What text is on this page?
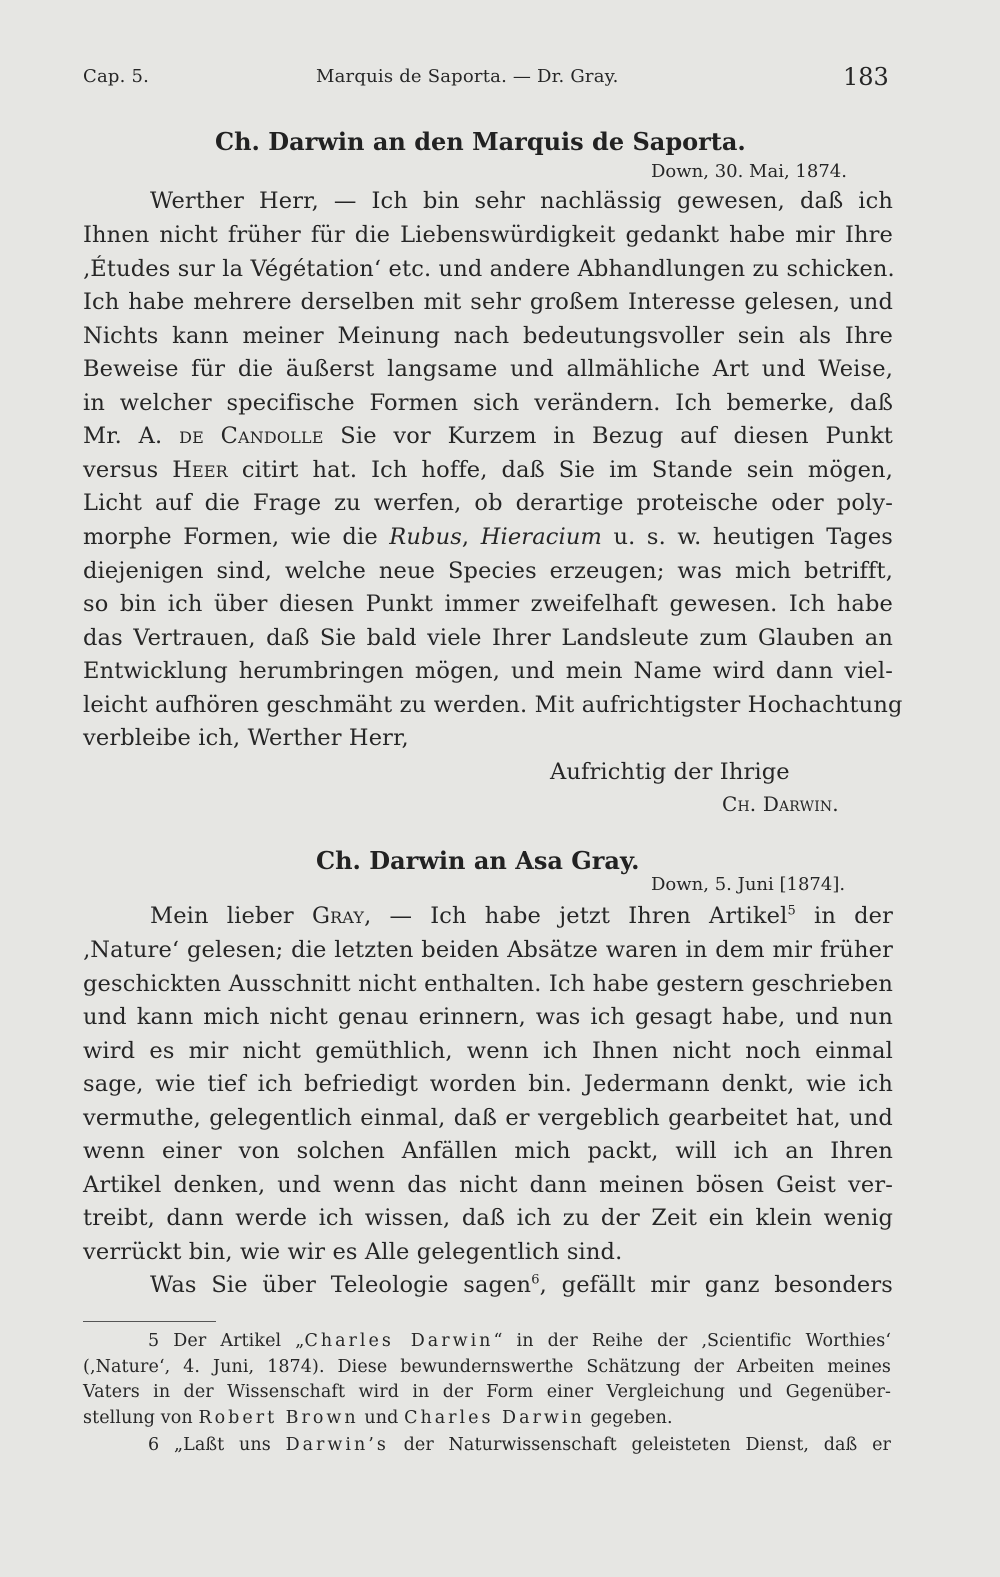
Cap. 5.	Marquis de Saporta. — Dr. Gray.	183
Ch. Darwin an den Marquis de Saporta.
Down, 30. Mai, 1874.
Werther Herr, — Ich bin sehr nachlässig gewesen, daß ich
Ihnen nicht früher für die Liebenswürdigkeit gedankt habe mir Ihre
‚Études sur la Végétation‘ etc. und andere Abhandlungen zu schicken.
Ich habe mehrere derselben mit sehr großem Interesse gelesen, und
Nichts kann meiner Meinung nach bedeutungsvoller sein als Ihre
Beweise für die äußerst langsame und allmähliche Art und Weise,
in welcher specifische Formen sich verändern. Ich bemerke, daß
Mr. A. de Candolle Sie vor Kurzem in Bezug auf diesen Punkt
versus Heer citirt hat. Ich hoffe, daß Sie im Stande sein mögen,
Licht auf die Frage zu werfen, ob derartige proteische oder poly-
morphe Formen, wie die Rubus, Hieracium u. s. w. heutigen Tages
diejenigen sind, welche neue Species erzeugen; was mich betrifft,
so bin ich über diesen Punkt immer zweifelhaft gewesen. Ich habe
das Vertrauen, daß Sie bald viele Ihrer Landsleute zum Glauben an
Entwicklung herumbringen mögen, und mein Name wird dann viel-
leicht aufhören geschmäht zu werden. Mit aufrichtigster Hochachtung
verbleibe ich, Werther Herr,
Aufrichtig der Ihrige
Ch. Darwin.
Ch. Darwin an Asa Gray.
Down, 5. Juni [1874].
Mein lieber Gray, — Ich habe jetzt Ihren Artikel$^5$ in der
‚Nature‘ gelesen; die letzten beiden Absätze waren in dem mir früher
geschickten Ausschnitt nicht enthalten. Ich habe gestern geschrieben
und kann mich nicht genau erinnern, was ich gesagt habe, und nun
wird es mir nicht gemüthlich, wenn ich Ihnen nicht noch einmal
sage, wie tief ich befriedigt worden bin. Jedermann denkt, wie ich
vermuthe, gelegentlich einmal, daß er vergeblich gearbeitet hat, und
wenn einer von solchen Anfällen mich packt, will ich an Ihren
Artikel denken, und wenn das nicht dann meinen bösen Geist ver-
treibt, dann werde ich wissen, daß ich zu der Zeit ein klein wenig
verrückt bin, wie wir es Alle gelegentlich sind.
Was Sie über Teleologie sagen$^6$, gefällt mir ganz besonders
5 Der Artikel „Charles Darwin“ in der Reihe der ‚Scientific Worthies‘
(‚Nature‘, 4. Juni, 1874). Diese bewundernswerthe Schätzung der Arbeiten meines
Vaters in der Wissenschaft wird in der Form einer Vergleichung und Gegenüber-
stellung von Robert Brown und Charles Darwin gegeben.
6 „Laßt uns Darwin’s der Naturwissenschaft geleisteten Dienst, daß er
